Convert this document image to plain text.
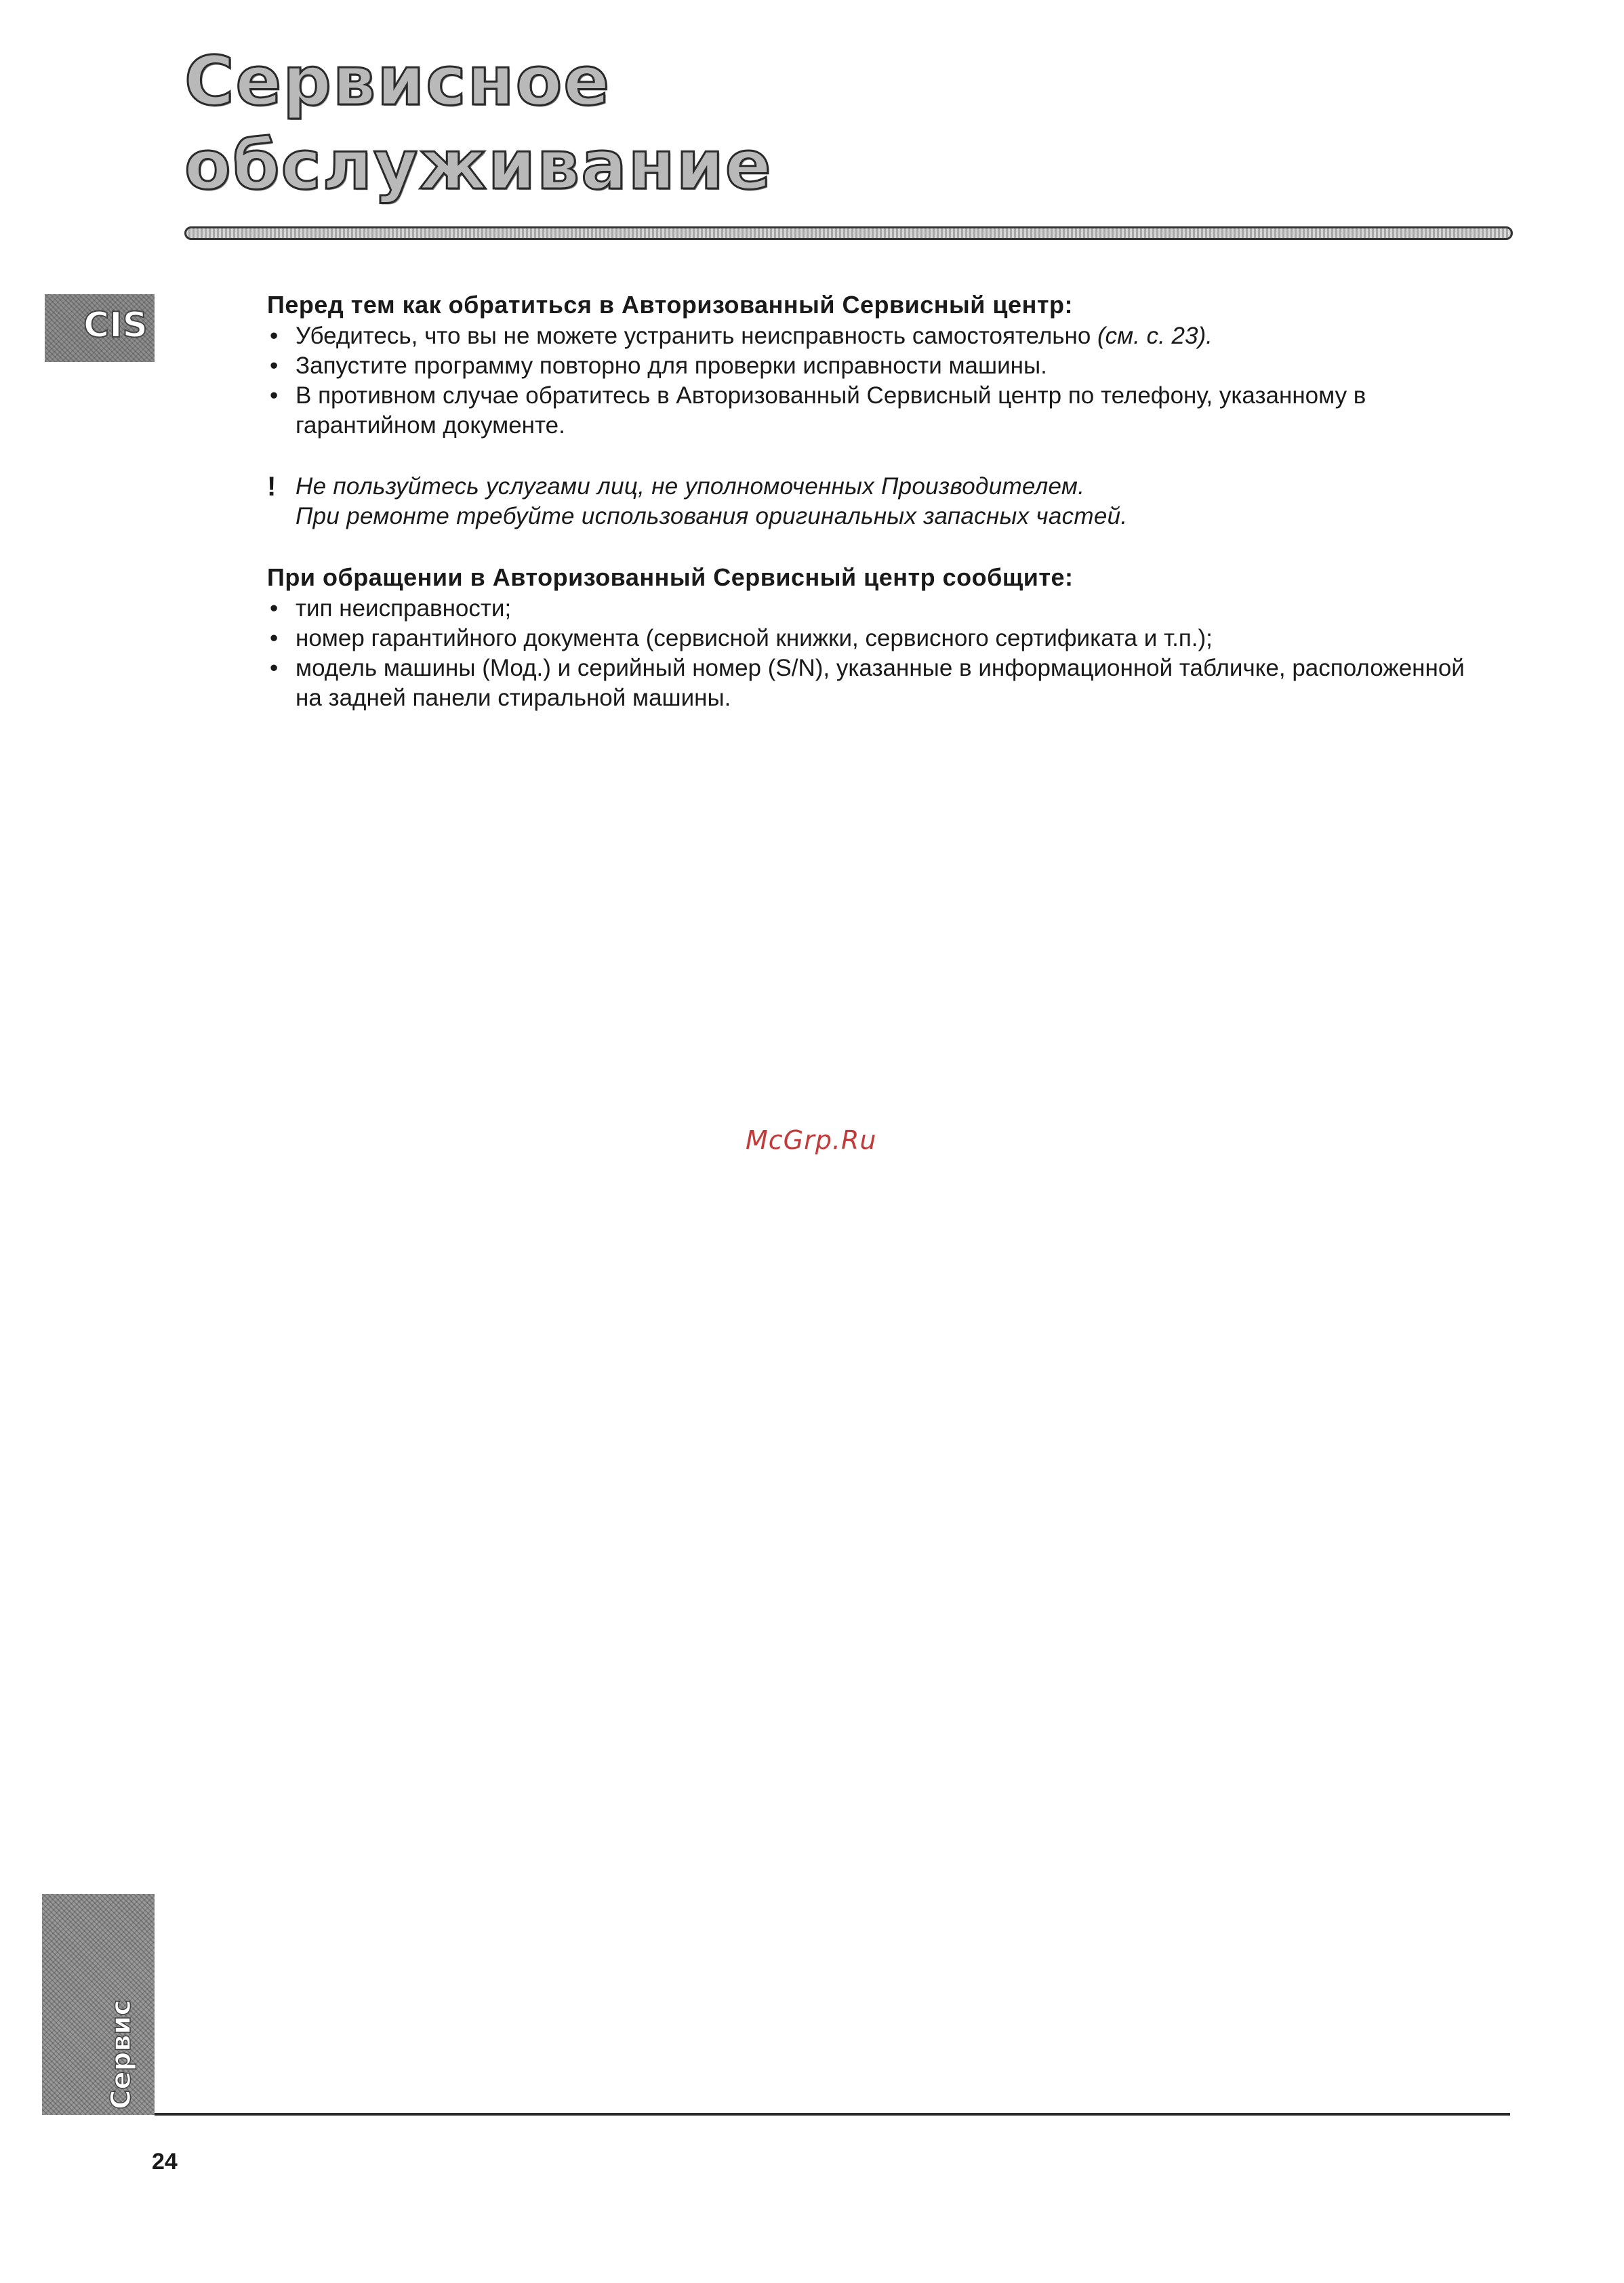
Сервисное
обслуживание
CIS

Перед тем как обратиться в Авторизованный Сервисный центр:

• Убедитесь, что вы не можете устранить неисправность самостоятельно (см. с. 23).
• Запустите программу повторно для проверки исправности машины.
• В противном случае обратитесь в Авторизованный Сервисный центр по телефону, указанному в гарантийном документе.
! Не пользуйтесь услугами лиц, не уполномоченных Производителем.

При ремонте требуйте использования оригинальных запасных частей.

При обращении в Авторизованный Сервисный центр сообщите:

• тип неисправности;
• номер гарантийного документа (сервисной книжки, сервисного сертификата и т.п.);
• модель машины (Мод.) и серийный номер (S/N), указанные в информационной табличке, расположенной на задней панели стиральной машины.
McGrp.Ru
Сервис
24
